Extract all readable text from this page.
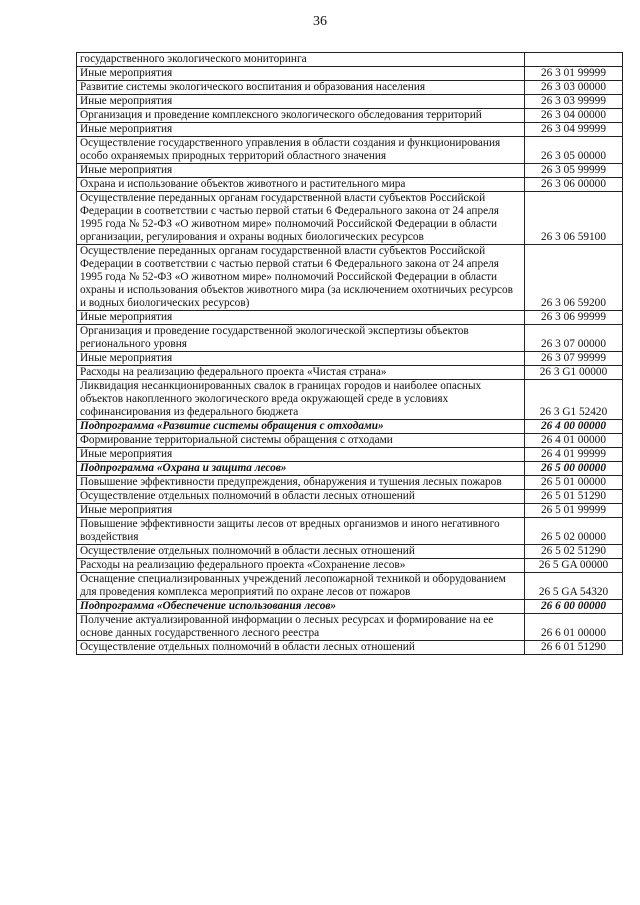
36
государственного экологического мониторинга	
Иные мероприятия	26 3 01 99999
Развитие системы экологического воспитания и образования населения	26 3 03 00000
Иные мероприятия	26 3 03 99999
Организация и проведение комплексного экологического обследования территорий	26 3 04 00000
Иные мероприятия	26 3 04 99999
Осуществление государственного управления в области создания и функционирования особо охраняемых природных территорий областного значения	26 3 05 00000
Иные мероприятия	26 3 05 99999
Охрана и использование объектов животного и растительного мира	26 3 06 00000
Осуществление переданных органам государственной власти субъектов Российской Федерации в соответствии с частью первой статьи 6 Федерального закона от 24 апреля 1995 года № 52-ФЗ «О животном мире» полномочий Российской Федерации в области организации, регулирования и охраны водных биологических ресурсов	26 3 06 59100
Осуществление переданных органам государственной власти субъектов Российской Федерации в соответствии с частью первой статьи 6 Федерального закона от 24 апреля 1995 года № 52-ФЗ «О животном мире» полномочий Российской Федерации в области охраны и использования объектов животного мира (за исключением охотничьих ресурсов и водных биологических ресурсов)	26 3 06 59200
Иные мероприятия	26 3 06 99999
Организация и проведение государственной экологической экспертизы объектов регионального уровня	26 3 07 00000
Иные мероприятия	26 3 07 99999
Расходы на реализацию федерального проекта «Чистая страна»	26 3 G1 00000
Ликвидация несанкционированных свалок в границах городов и наиболее опасных объектов накопленного экологического вреда окружающей среде в условиях софинансирования из федерального бюджета	26 3 G1 52420
Подпрограмма «Развитие системы обращения с отходами»	26 4 00 00000
Формирование территориальной системы обращения с отходами	26 4 01 00000
Иные мероприятия	26 4 01 99999
Подпрограмма «Охрана и защита лесов»	26 5 00 00000
Повышение эффективности предупреждения, обнаружения и тушения лесных пожаров	26 5 01 00000
Осуществление отдельных полномочий в области лесных отношений	26 5 01 51290
Иные мероприятия	26 5 01 99999
Повышение эффективности защиты лесов от вредных организмов и иного негативного воздействия	26 5 02 00000
Осуществление отдельных полномочий в области лесных отношений	26 5 02 51290
Расходы на реализацию федерального проекта «Сохранение лесов»	26 5 GA 00000
Оснащение специализированных учреждений лесопожарной техникой и оборудованием для проведения комплекса мероприятий по охране лесов от пожаров	26 5 GA 54320
Подпрограмма «Обеспечение использования лесов»	26 6 00 00000
Получение актуализированной информации о лесных ресурсах и формирование на ее основе данных государственного лесного реестра	26 6 01 00000
Осуществление отдельных полномочий в области лесных отношений	26 6 01 51290
